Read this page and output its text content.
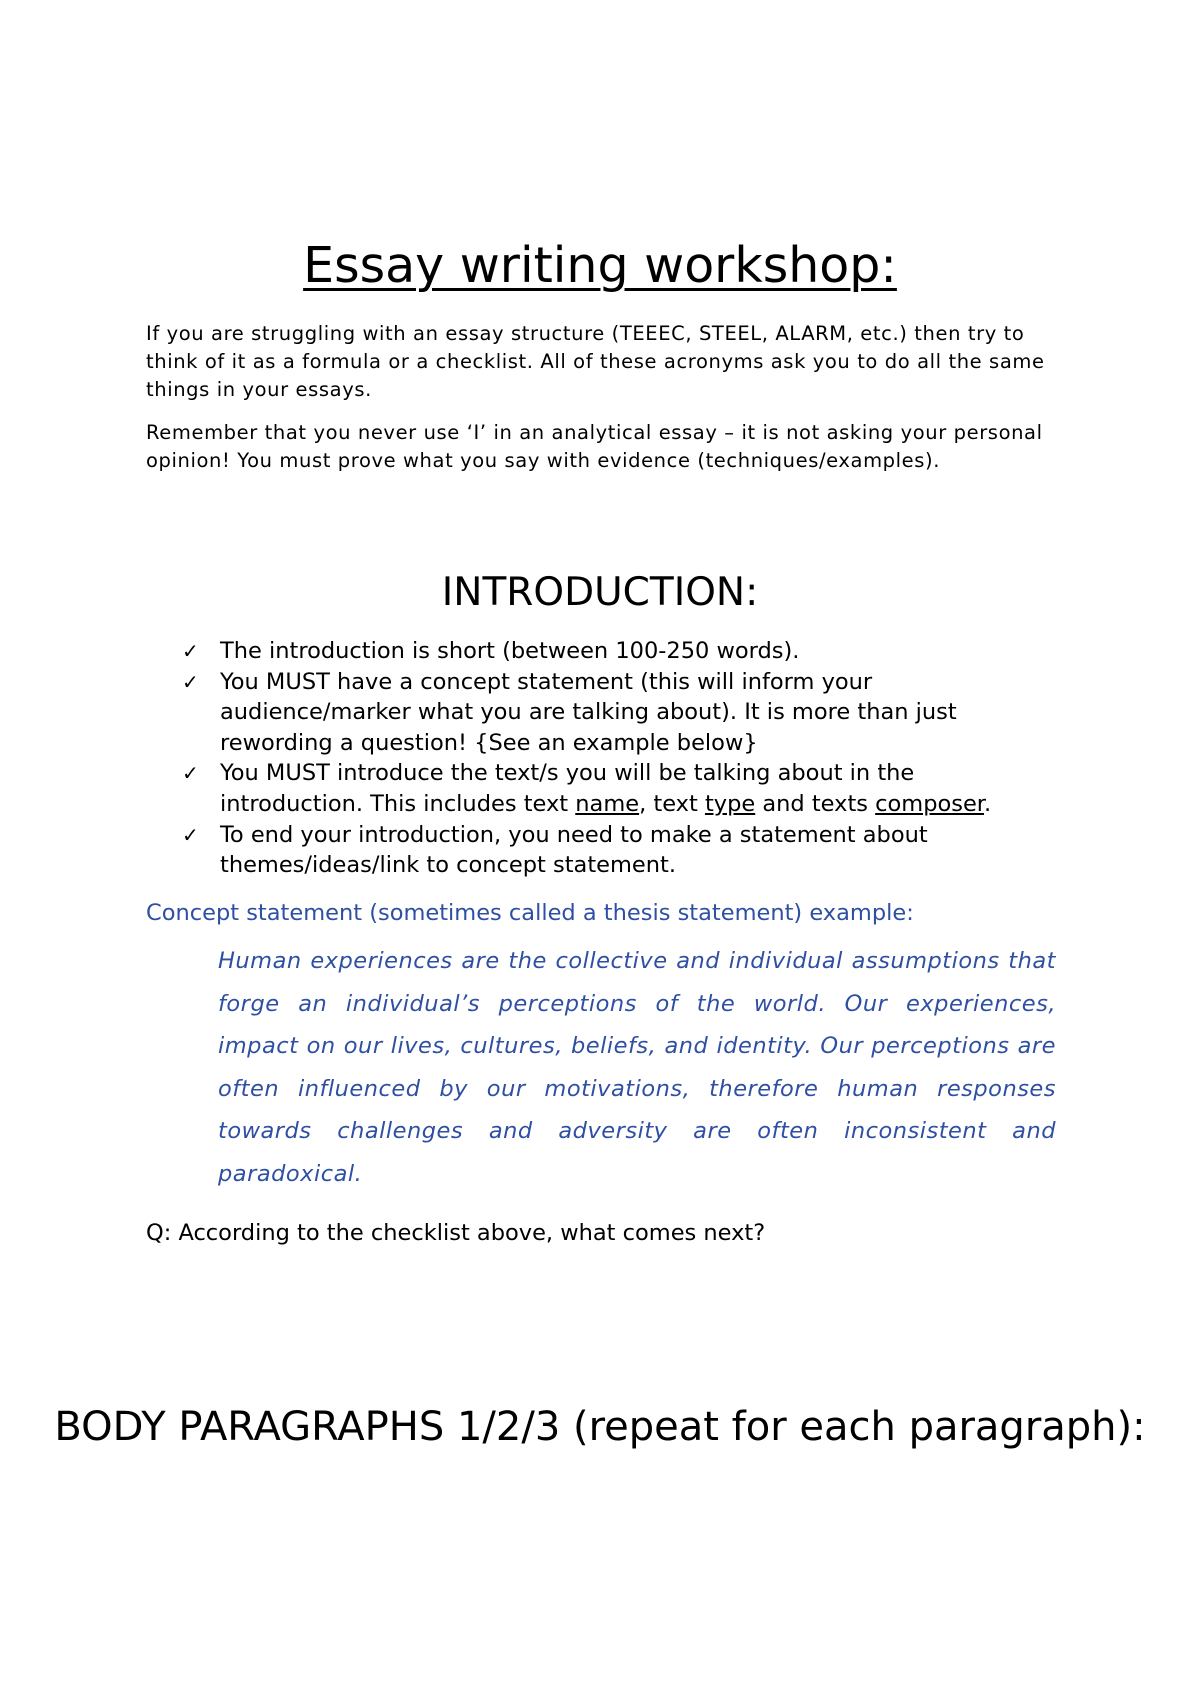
Essay writing workshop:

If you are struggling with an essay structure (TEEEC, STEEL, ALARM, etc.) then try to think of it as a formula or a checklist. All of these acronyms ask you to do all the same things in your essays.

Remember that you never use ‘I’ in an analytical essay – it is not asking your personal opinion! You must prove what you say with evidence (techniques/examples).

INTRODUCTION:
✓ The introduction is short (between 100-250 words).
✓ You MUST have a concept statement (this will inform your audience/marker what you are talking about). It is more than just rewording a question! {See an example below}
✓ You MUST introduce the text/s you will be talking about in the introduction. This includes text name, text type and texts composer.
✓ To end your introduction, you need to make a statement about themes/ideas/link to concept statement.

Concept statement (sometimes called a thesis statement) example:

Human experiences are the collective and individual assumptions that forge an individual’s perceptions of the world. Our experiences, impact on our lives, cultures, beliefs, and identity. Our perceptions are often influenced by our motivations, therefore human responses towards challenges and adversity are often inconsistent and paradoxical.

Q: According to the checklist above, what comes next?

BODY PARAGRAPHS 1/2/3 (repeat for each paragraph):
